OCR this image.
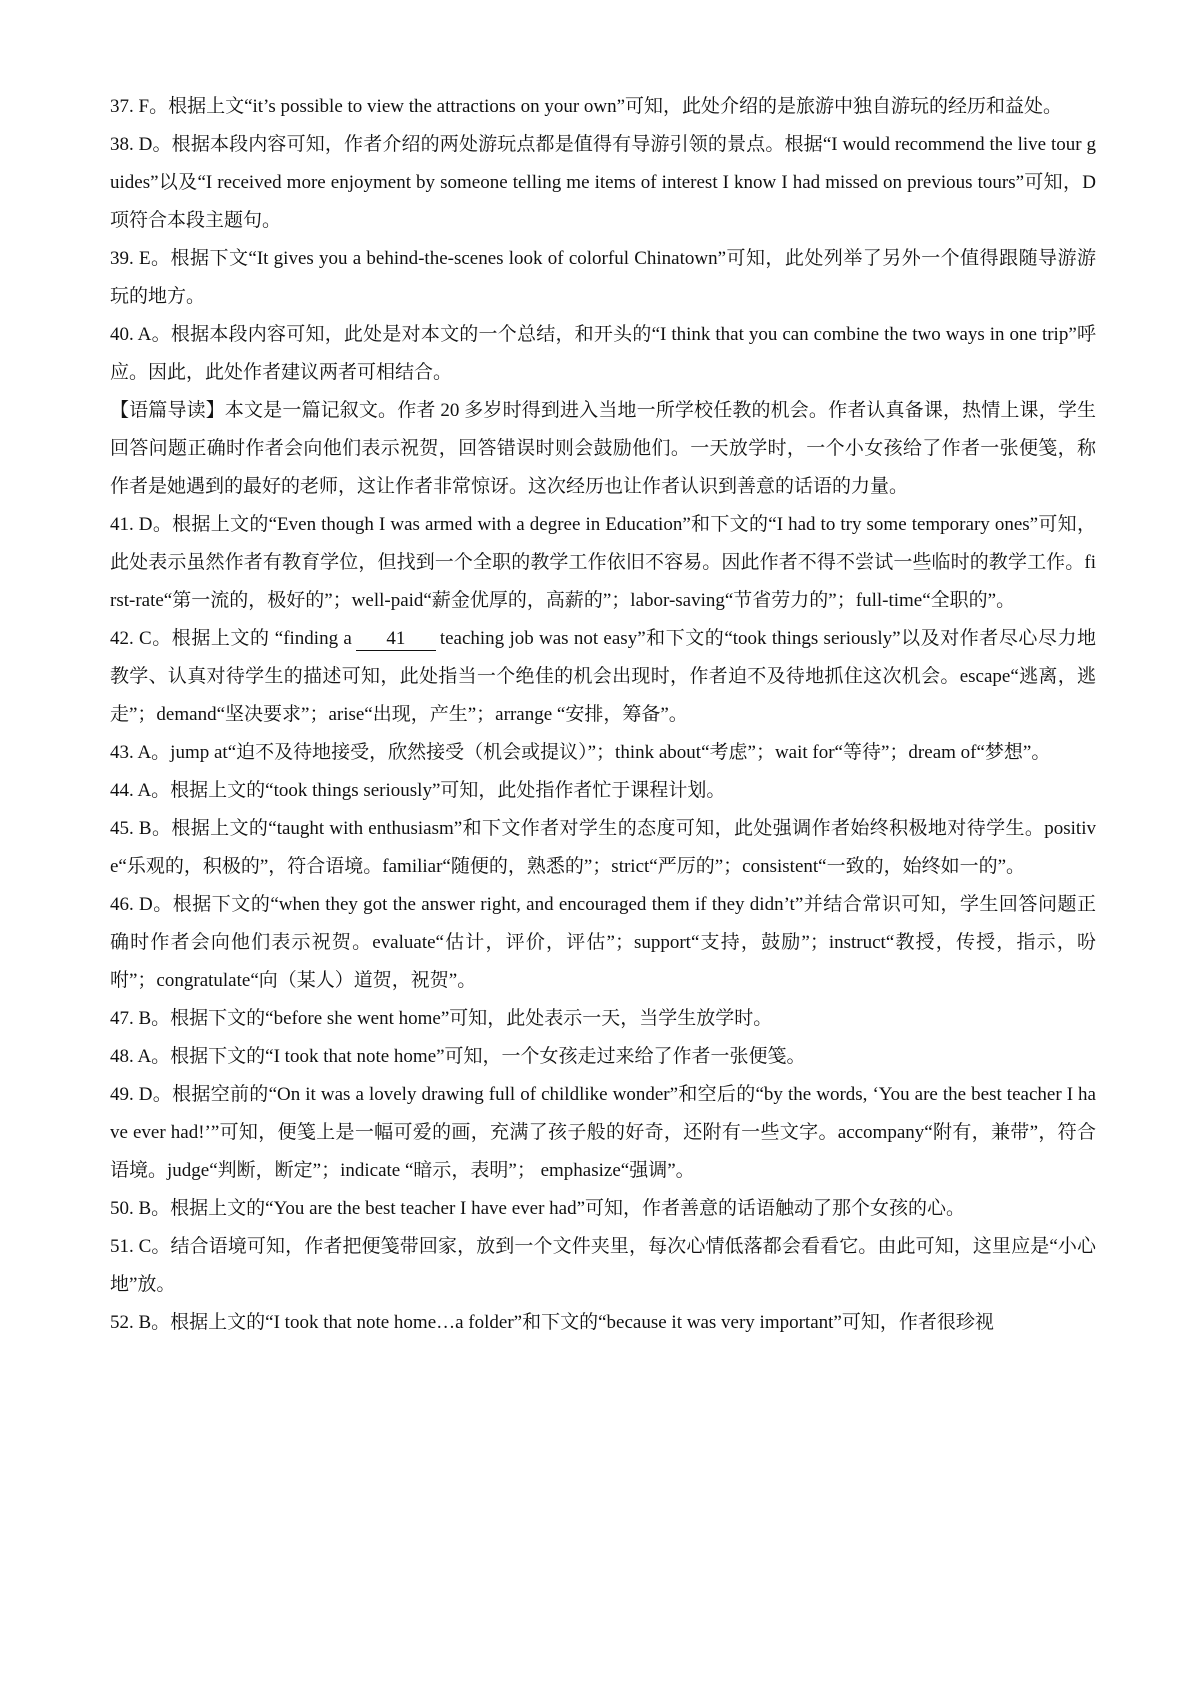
37. F。根据上文“it’s possible to view the attractions on your own”可知，此处介绍的是旅游中独自游玩的经历和益处。

38. D。根据本段内容可知，作者介绍的两处游玩点都是值得有导游引领的景点。根据“I would recommend the live tour guides”以及“I received more enjoyment by someone telling me items of interest I know I had missed on previous tours”可知，D 项符合本段主题句。

39. E。根据下文“It gives you a behind-the-scenes look of colorful Chinatown”可知，此处列举了另外一个值得跟随导游游玩的地方。

40. A。根据本段内容可知，此处是对本文的一个总结，和开头的“I think that you can combine the two ways in one trip”呼应。因此，此处作者建议两者可相结合。

【语篇导读】本文是一篇记叙文。作者 20 多岁时得到进入当地一所学校任教的机会。作者认真备课，热情上课，学生回答问题正确时作者会向他们表示祝贺，回答错误时则会鼓励他们。一天放学时，一个小女孩给了作者一张便笺，称作者是她遇到的最好的老师，这让作者非常惊讶。这次经历也让作者认识到善意的话语的力量。

41. D。根据上文的“Even though I was armed with a degree in Education”和下文的“I had to try some temporary ones”可知，此处表示虽然作者有教育学位，但找到一个全职的教学工作依旧不容易。因此作者不得不尝试一些临时的教学工作。first-rate“第一流的，极好的”；well-paid“薪金优厚的，高薪的”；labor-saving“节省劳力的”；full-time“全职的”。

42. C。根据上文的 “finding a 41 teaching job was not easy”和下文的“took things seriously”以及对作者尽心尽力地教学、认真对待学生的描述可知，此处指当一个绝佳的机会出现时，作者迫不及待地抓住这次机会。escape“逃离，逃走”；demand“坚决要求”；arise“出现，产生”；arrange “安排，筹备”。

43. A。jump at“迫不及待地接受，欣然接受（机会或提议）”；think about“考虑”；wait for“等待”；dream of“梦想”。

44. A。根据上文的“took things seriously”可知，此处指作者忙于课程计划。

45. B。根据上文的“taught with enthusiasm”和下文作者对学生的态度可知，此处强调作者始终积极地对待学生。positive“乐观的，积极的”，符合语境。familiar“随便的，熟悉的”；strict“严厉的”；consistent“一致的，始终如一的”。

46. D。根据下文的“when they got the answer right, and encouraged them if they didn’t”并结合常识可知，学生回答问题正确时作者会向他们表示祝贺。evaluate“估计，评价，评估”；support“支持，鼓励”；instruct“教授，传授，指示，吩咐”；congratulate“向（某人）道贺，祝贺”。

47. B。根据下文的“before she went home”可知，此处表示一天，当学生放学时。

48. A。根据下文的“I took that note home”可知，一个女孩走过来给了作者一张便笺。

49. D。根据空前的“On it was a lovely drawing full of childlike wonder”和空后的“by the words, ‘You are the best teacher I have ever had!’”可知，便笺上是一幅可爱的画，充满了孩子般的好奇，还附有一些文字。accompany“附有，兼带”，符合语境。judge“判断，断定”；indicate “暗示，表明”； emphasize“强调”。

50. B。根据上文的“You are the best teacher I have ever had”可知，作者善意的话语触动了那个女孩的心。

51. C。结合语境可知，作者把便笺带回家，放到一个文件夹里，每次心情低落都会看看它。由此可知，这里应是“小心地”放。

52. B。根据上文的“I took that note home…a folder”和下文的“because it was very important”可知，作者很珍视
